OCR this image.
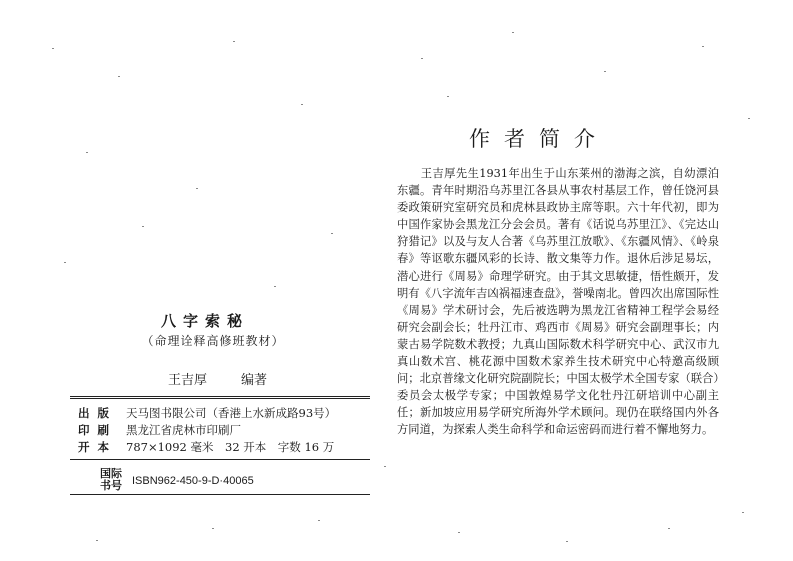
八字索秘
（命理诠释高修班教材）
王吉厚	编著
出版 天马图书限公司（香港上水新成路93号）
印刷 黑龙江省虎林市印刷厂
开本 787×1092 毫米　32 开本　字数 16 万
国际书号 ISBN962-450-9-D·40065
作者简介

王吉厚先生1931年出生于山东莱州的渤海之滨，自幼漂泊东疆。青年时期沿乌苏里江各县从事农村基层工作，曾任饶河县委政策研究室研究员和虎林县政协主席等职。六十年代初，即为中国作家协会黑龙江分会会员。著有《话说乌苏里江》、《完达山狩猎记》以及与友人合著《乌苏里江放歌》、《东疆风情》、《岭泉春》等讴歌东疆风彩的长诗、散文集等力作。退休后涉足易坛，潜心进行《周易》命理学研究。由于其文思敏捷，悟性颇开，发明有《八字流年吉凶祸福速查盘》，誉噪南北。曾四次出席国际性《周易》学术研讨会，先后被选聘为黑龙江省精神工程学会易经研究会副会长；牡丹江市、鸡西市《周易》研究会副理事长；内蒙古易学院数术教授；九真山国际数术科学研究中心、武汉市九真山数术宫、桃花源中国数术家养生技术研究中心特邀高级顾问；北京普缘文化研究院副院长；中国太极学术全国专家（联合）委员会太极学专家；中国敦煌易学文化牡丹江研培训中心副主任；新加坡应用易学研究所海外学术顾问。现仍在联络国内外各方同道，为探索人类生命科学和命运密码而进行着不懈地努力。
